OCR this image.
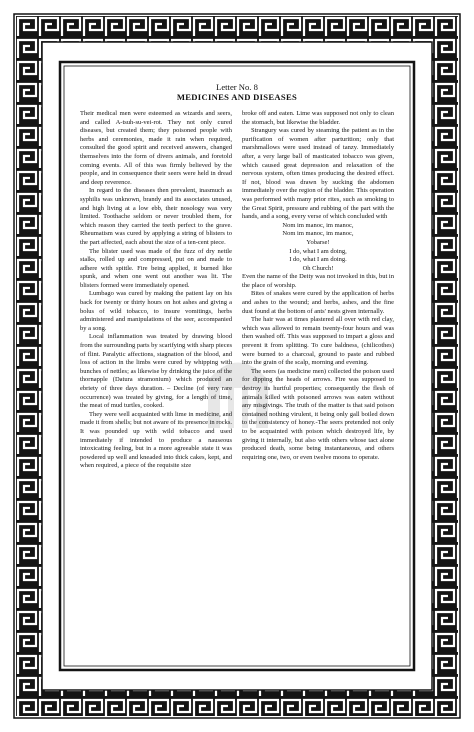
Letter No. 8
MEDICINES AND DISEASES

Their medical men were esteemed as wizards and seers, and called A-tsuh-su-vei-rot. They not only cured diseases, but created them; they poisoned people with herbs and ceremonies, made it rain when required, consulted the good spirit and received answers, changed themselves into the form of divers animals, and foretold coming events. All of this was firmly believed by the people, and in consequence their seers were held in dread and deep reverence.

In regard to the diseases then prevalent, inasmuch as syphilis was unknown, brandy and its associates unused, and high living at a low ebb, their nosology was very limited. Toothache seldom or never troubled them, for which reason they carried the teeth perfect to the grave. Rheumatism was cured by applying a string of blisters to the part affected, each about the size of a ten-cent piece.

The blister used was made of the fuzz of dry nettle stalks, rolled up and compressed, put on and made to adhere with spittle. Fire being applied, it burned like spunk, and when one went out another was lit. The blisters formed were immediately opened.

Lumbago was cured by making the patient lay on his back for twenty or thirty hours on hot ashes and giving a bolus of wild tobacco, to insure vomitings, herbs administered and manipulations of the seer, accompanied by a song.

Local inflammation was treated by drawing blood from the surrounding parts by scarifying with sharp pieces of flint. Paralytic affections, stagnation of the blood, and loss of action in the limbs were cured by whipping with bunches of nettles; as likewise by drinking the juice of the thornapple (Datura stramonium) which produced an ebriety of three days duration. – Decline (of very rare occurrence) was treated by giving, for a length of time, the meat of mud turtles, cooked.

They were well acquainted with lime in medicine, and made it from shells; but not aware of its presence in rocks. It was pounded up with wild tobacco and used immediately if intended to produce a nauseous intoxicating feeling, but in a more agreeable state it was powdered up well and kneaded into thick cakes, kept, and when required, a piece of the requisite size

broke off and eaten. Lime was supposed not only to clean the stomach, but likewise the bladder.

Strangury was cured by steaming the patient as in the purification of women after parturition; only that marshmallows were used instead of tanzy. Immediately after, a very large ball of masticated tobacco was given, which caused great depression and relaxation of the nervous system, often times producing the desired effect. If not, blood was drawn by sucking the abdomen immediately over the region of the bladder. This operation was performed with many prior rites, such as smoking to the Great Spirit, pressure and rubbing of the part with the hands, and a song, every verse of which concluded with

Nom im manoc, im manoc,

Nom im manoc, im manoc,

Yobarse!

I do, what I am doing,

I do, what I am doing.

Oh Church!

Even the name of the Deity was not invoked in this, but in the place of worship.

Bites of snakes were cured by the application of herbs and ashes to the wound; and herbs, ashes, and the fine dust found at the bottom of ants' nests given internally.

The hair was at times plastered all over with red clay, which was allowed to remain twenty-four hours and was then washed off. This was supposed to impart a gloss and prevent it from splitting. To cure baldness, (chilicothes) were burned to a charcoal, ground to paste and rubbed into the grain of the scalp, morning and evening.

The seers (as medicine men) collected the poison used for dipping the heads of arrows. Fire was supposed to destroy its hurtful properties; consequently the flesh of animals killed with poisoned arrows was eaten without any misgivings. The truth of the matter is that said poison contained nothing virulent, it being only gall boiled down to the consistency of honey.-The seers pretended not only to be acquainted with poison which destroyed life, by giving it internally, but also with others whose tact alone produced death, some being instantaneous, and others requiring one, two, or even twelve moons to operate.
